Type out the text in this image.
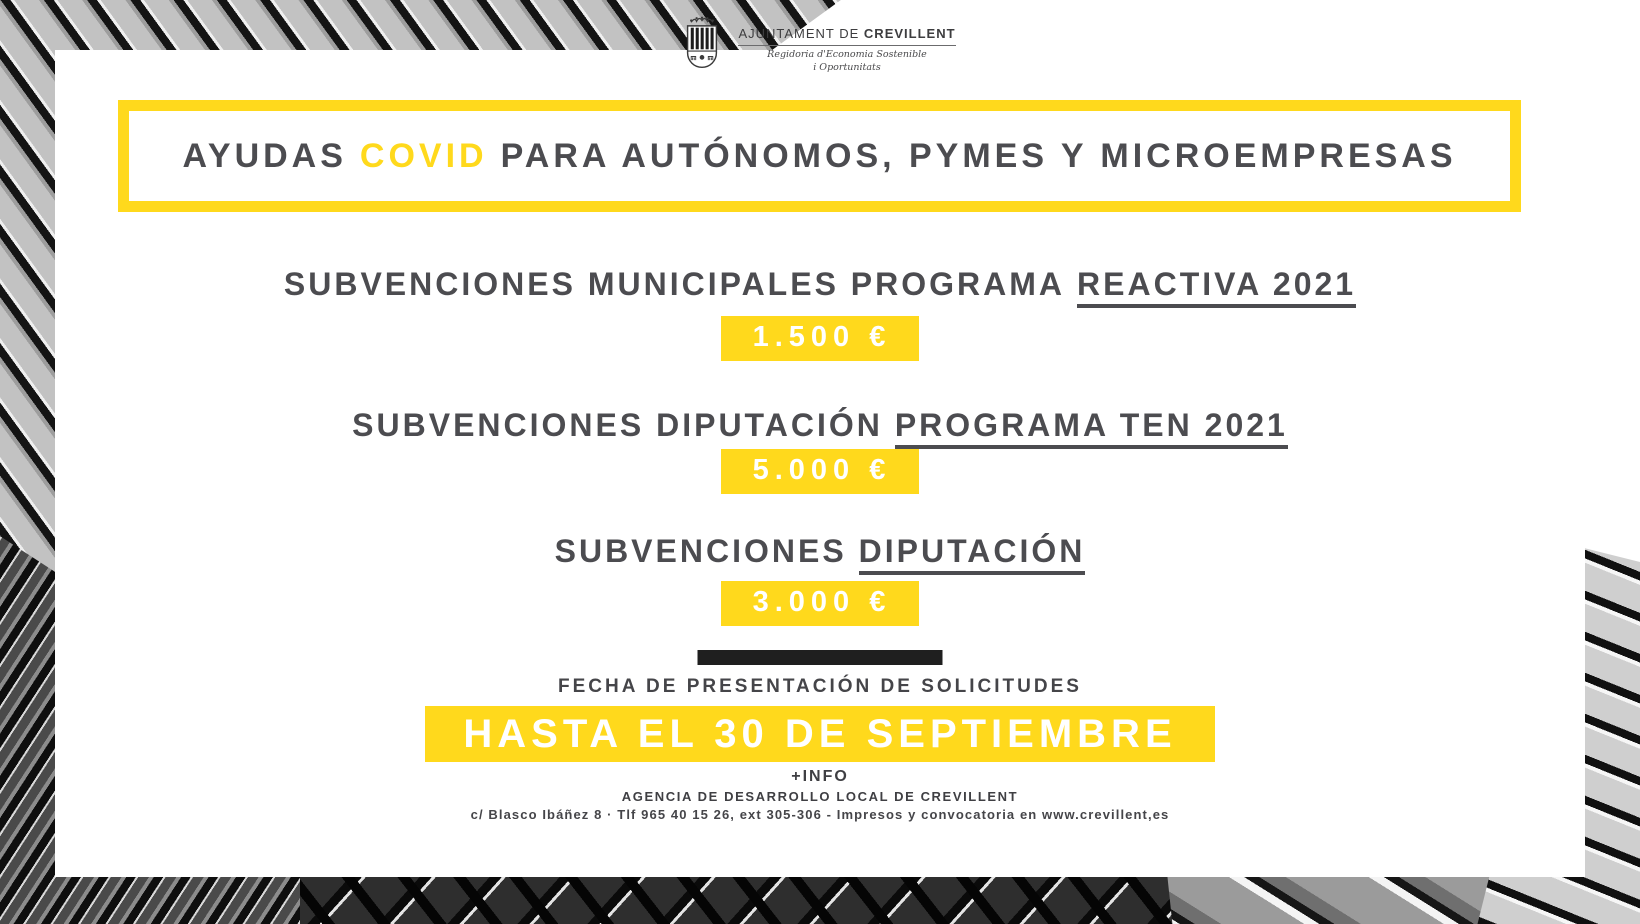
AJUNTAMENT DE CREVILLENT
Regidoria d'Economia Sostenible
i Oportunitats
AYUDAS COVID PARA AUTÓNOMOS, PYMES Y MICROEMPRESAS
SUBVENCIONES MUNICIPALES PROGRAMA REACTIVA 2021
1.500 €
SUBVENCIONES DIPUTACIÓN PROGRAMA TEN 2021
5.000 €
SUBVENCIONES DIPUTACIÓN
3.000 €
FECHA DE PRESENTACIÓN DE SOLICITUDES
HASTA EL 30 DE SEPTIEMBRE
+INFO
AGENCIA DE DESARROLLO LOCAL DE CREVILLENT
c/ Blasco Ibáñez 8 · Tlf 965 40 15 26, ext 305-306 - Impresos y convocatoria en www.crevillent,es
